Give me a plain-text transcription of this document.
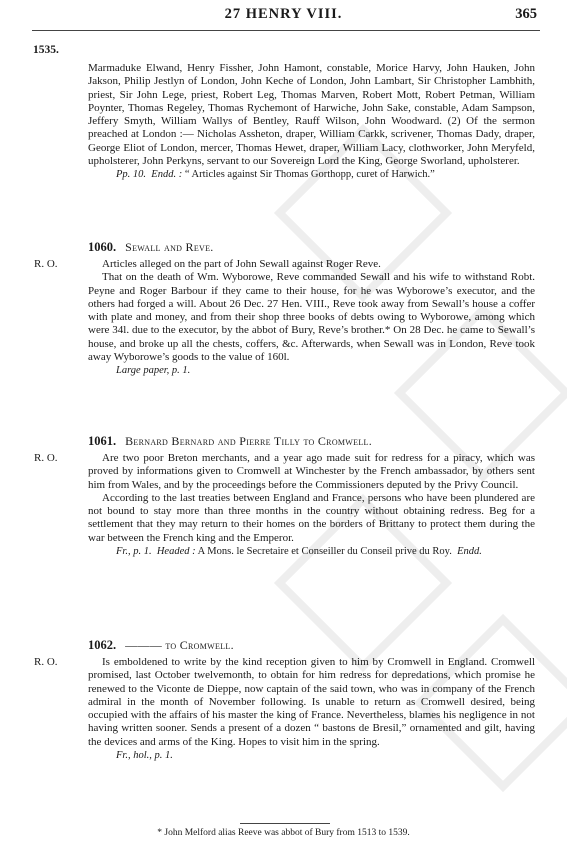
27 HENRY VIII.	365
1535.

Marmaduke Elwand, Henry Fissher, John Hamont, constable, Morice Harvy, John Hauken, John Jakson, Philip Jestlyn of London, John Keche of London, John Lambart, Sir Christopher Lambhith, priest, Sir John Lege, priest, Robert Leg, Thomas Marven, Robert Mott, Robert Petman, William Poynter, Thomas Regeley, Thomas Rychemont of Harwiche, John Sake, constable, Adam Sampson, Jeffery Smyth, William Wallys of Bentley, Rauff Wilson, John Woodward. (2) Of the sermon preached at London :— Nicholas Assheton, draper, William Carkk, scrivener, Thomas Dady, draper, George Eliot of London, mercer, Thomas Hewet, draper, William Lacy, clothworker, John Meryfeld, upholsterer, John Perkyns, servant to our Sovereign Lord the King, George Sworland, upholsterer.

Pp. 10. Endd. : “ Articles against Sir Thomas Gorthopp, curet of Harwich.”

1060. Sewall and Reve.
R. O.	Articles alleged on the part of John Sewall against Roger Reve.

That on the death of Wm. Wyborowe, Reve commanded Sewall and his wife to withstand Robt. Peyne and Roger Barbour if they came to their house, for he was Wyborowe’s executor, and the others had forged a will. About 26 Dec. 27 Hen. VIII., Reve took away from Sewall’s house a coffer with plate and money, and from their shop three books of debts owing to Wyborowe, among which were 34l. due to the executor, by the abbot of Bury, Reve’s brother.* On 28 Dec. he came to Sewall’s house, and broke up all the chests, coffers, &c. Afterwards, when Sewall was in London, Reve took away Wyborowe’s goods to the value of 160l.

Large paper, p. 1.

1061. Bernard Bernard and Pierre Tilly to Cromwell.
R. O.	Are two poor Breton merchants, and a year ago made suit for redress for a piracy, which was proved by informations given to Cromwell at Winchester by the French ambassador, by others sent him from Wales, and by the proceedings before the Commissioners deputed by the Privy Council.

According to the last treaties between England and France, persons who have been plundered are not bound to stay more than three months in the country without obtaining redress. Beg for a settlement that they may return to their homes on the borders of Brittany to protect them during the war between the French king and the Emperor.

Fr., p. 1. Headed : A Mons. le Secretaire et Conseiller du Conseil prive du Roy. Endd.

1062. ——— to Cromwell.
R. O.	Is emboldened to write by the kind reception given to him by Cromwell in England. Cromwell promised, last October twelvemonth, to obtain for him redress for depredations, which promise he renewed to the Viconte de Dieppe, now captain of the said town, who was in company of the French admiral in the month of November following. Is unable to return as Cromwell desired, being occupied with the affairs of his master the king of France. Nevertheless, blames his negligence in not having written sooner. Sends a present of a dozen “ bastons de Bresil,” ornamented and gilt, having the devices and arms of the King. Hopes to visit him in the spring.

Fr., hol., p. 1.

* John Melford alias Reeve was abbot of Bury from 1513 to 1539.
